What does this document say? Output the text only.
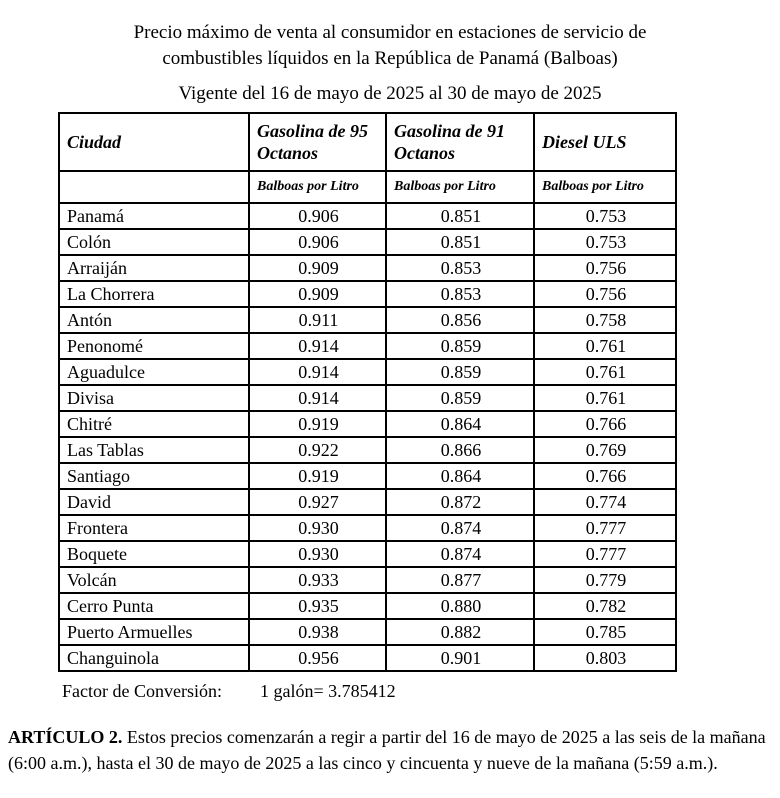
Precio máximo de venta al consumidor en estaciones de servicio de
combustibles líquidos en la República de Panamá (Balboas)
Vigente del 16 de mayo de 2025 al 30 de mayo de 2025
Ciudad	Gasolina de 95 Octanos	Gasolina de 91 Octanos	Diesel ULS
	Balboas por Litro	Balboas por Litro	Balboas por Litro
Panamá	0.906	0.851	0.753
Colón	0.906	0.851	0.753
Arraiján	0.909	0.853	0.756
La Chorrera	0.909	0.853	0.756
Antón	0.911	0.856	0.758
Penonomé	0.914	0.859	0.761
Aguadulce	0.914	0.859	0.761
Divisa	0.914	0.859	0.761
Chitré	0.919	0.864	0.766
Las Tablas	0.922	0.866	0.769
Santiago	0.919	0.864	0.766
David	0.927	0.872	0.774
Frontera	0.930	0.874	0.777
Boquete	0.930	0.874	0.777
Volcán	0.933	0.877	0.779
Cerro Punta	0.935	0.880	0.782
Puerto Armuelles	0.938	0.882	0.785
Changuinola	0.956	0.901	0.803
Factor de Conversión: 1 galón= 3.785412
ARTÍCULO 2. Estos precios comenzarán a regir a partir del 16 de mayo de 2025 a las seis de la mañana (6:00 a.m.), hasta el 30 de mayo de 2025 a las cinco y cincuenta y nueve de la mañana (5:59 a.m.).
